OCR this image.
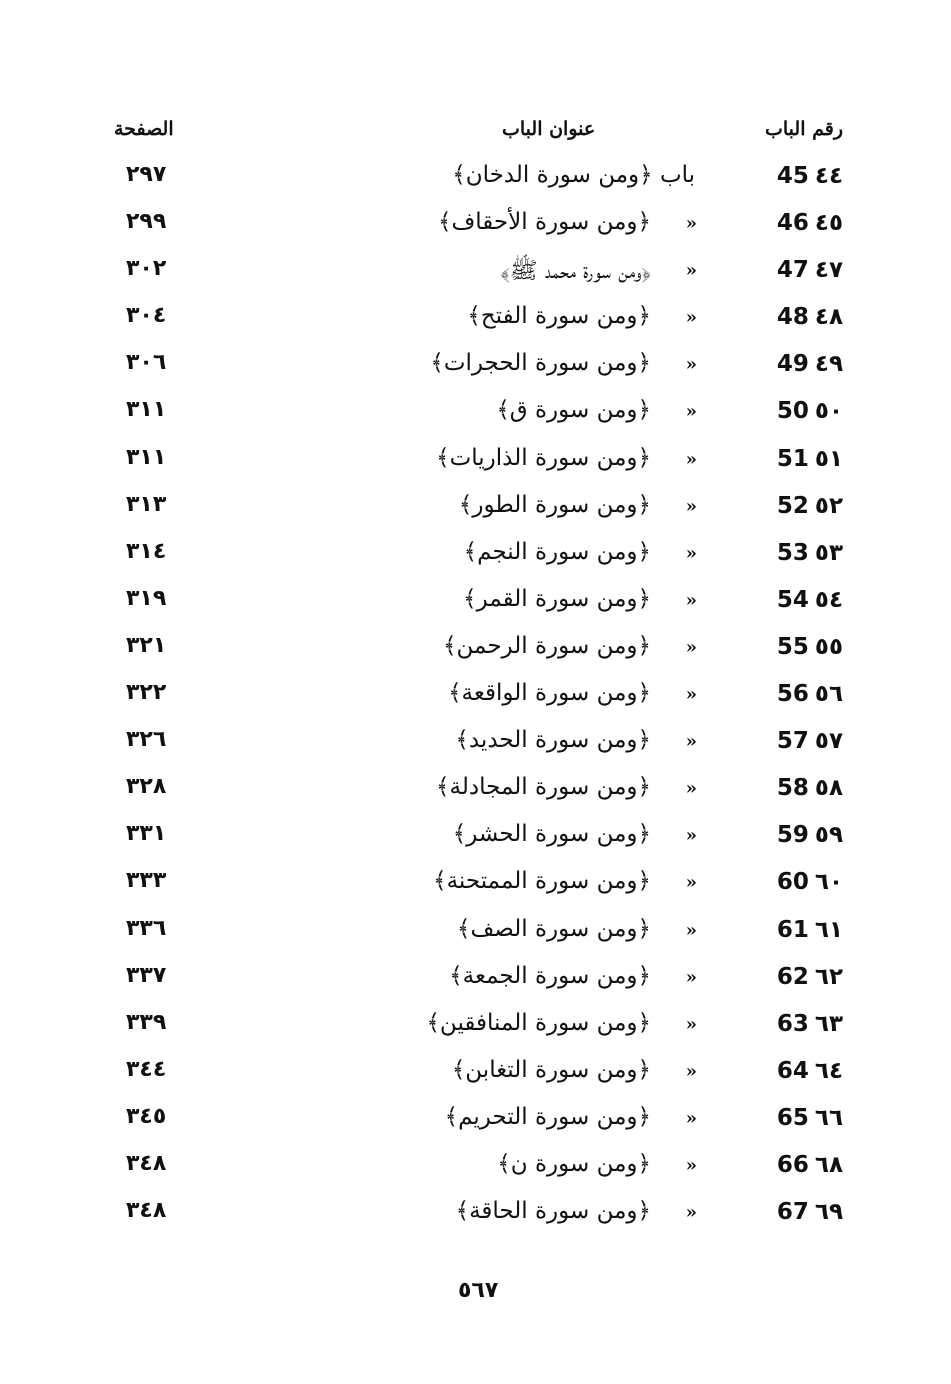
رقم الباب
عنوان الباب
الصفحة
45 ٤٤
باب ﴿ومن سورة الدخان﴾
٢٩٧
46 ٤٥
«
﴿ومن سورة الأحقاف﴾
٢٩٩
47 ٤٧
«
﴿ومن سورة محمد ﷺ﴾
٣٠٢
48 ٤٨
«
﴿ومن سورة الفتح﴾
٣٠٤
49 ٤٩
«
﴿ومن سورة الحجرات﴾
٣٠٦
50 ٥٠
«
﴿ومن سورة ق﴾
٣١١
51 ٥١
«
﴿ومن سورة الذاريات﴾
٣١١
52 ٥٢
«
﴿ومن سورة الطور﴾
٣١٣
53 ٥٣
«
﴿ومن سورة النجم﴾
٣١٤
54 ٥٤
«
﴿ومن سورة القمر﴾
٣١٩
55 ٥٥
«
﴿ومن سورة الرحمن﴾
٣٢١
56 ٥٦
«
﴿ومن سورة الواقعة﴾
٣٢٢
57 ٥٧
«
﴿ومن سورة الحديد﴾
٣٢٦
58 ٥٨
«
﴿ومن سورة المجادلة﴾
٣٢٨
59 ٥٩
«
﴿ومن سورة الحشر﴾
٣٣١
60 ٦٠
«
﴿ومن سورة الممتحنة﴾
٣٣٣
61 ٦١
«
﴿ومن سورة الصف﴾
٣٣٦
62 ٦٢
«
﴿ومن سورة الجمعة﴾
٣٣٧
63 ٦٣
«
﴿ومن سورة المنافقين﴾
٣٣٩
64 ٦٤
«
﴿ومن سورة التغابن﴾
٣٤٤
65 ٦٦
«
﴿ومن سورة التحريم﴾
٣٤٥
66 ٦٨
«
﴿ومن سورة ن﴾
٣٤٨
67 ٦٩
«
﴿ومن سورة الحاقة﴾
٣٤٨
٥٦٧
